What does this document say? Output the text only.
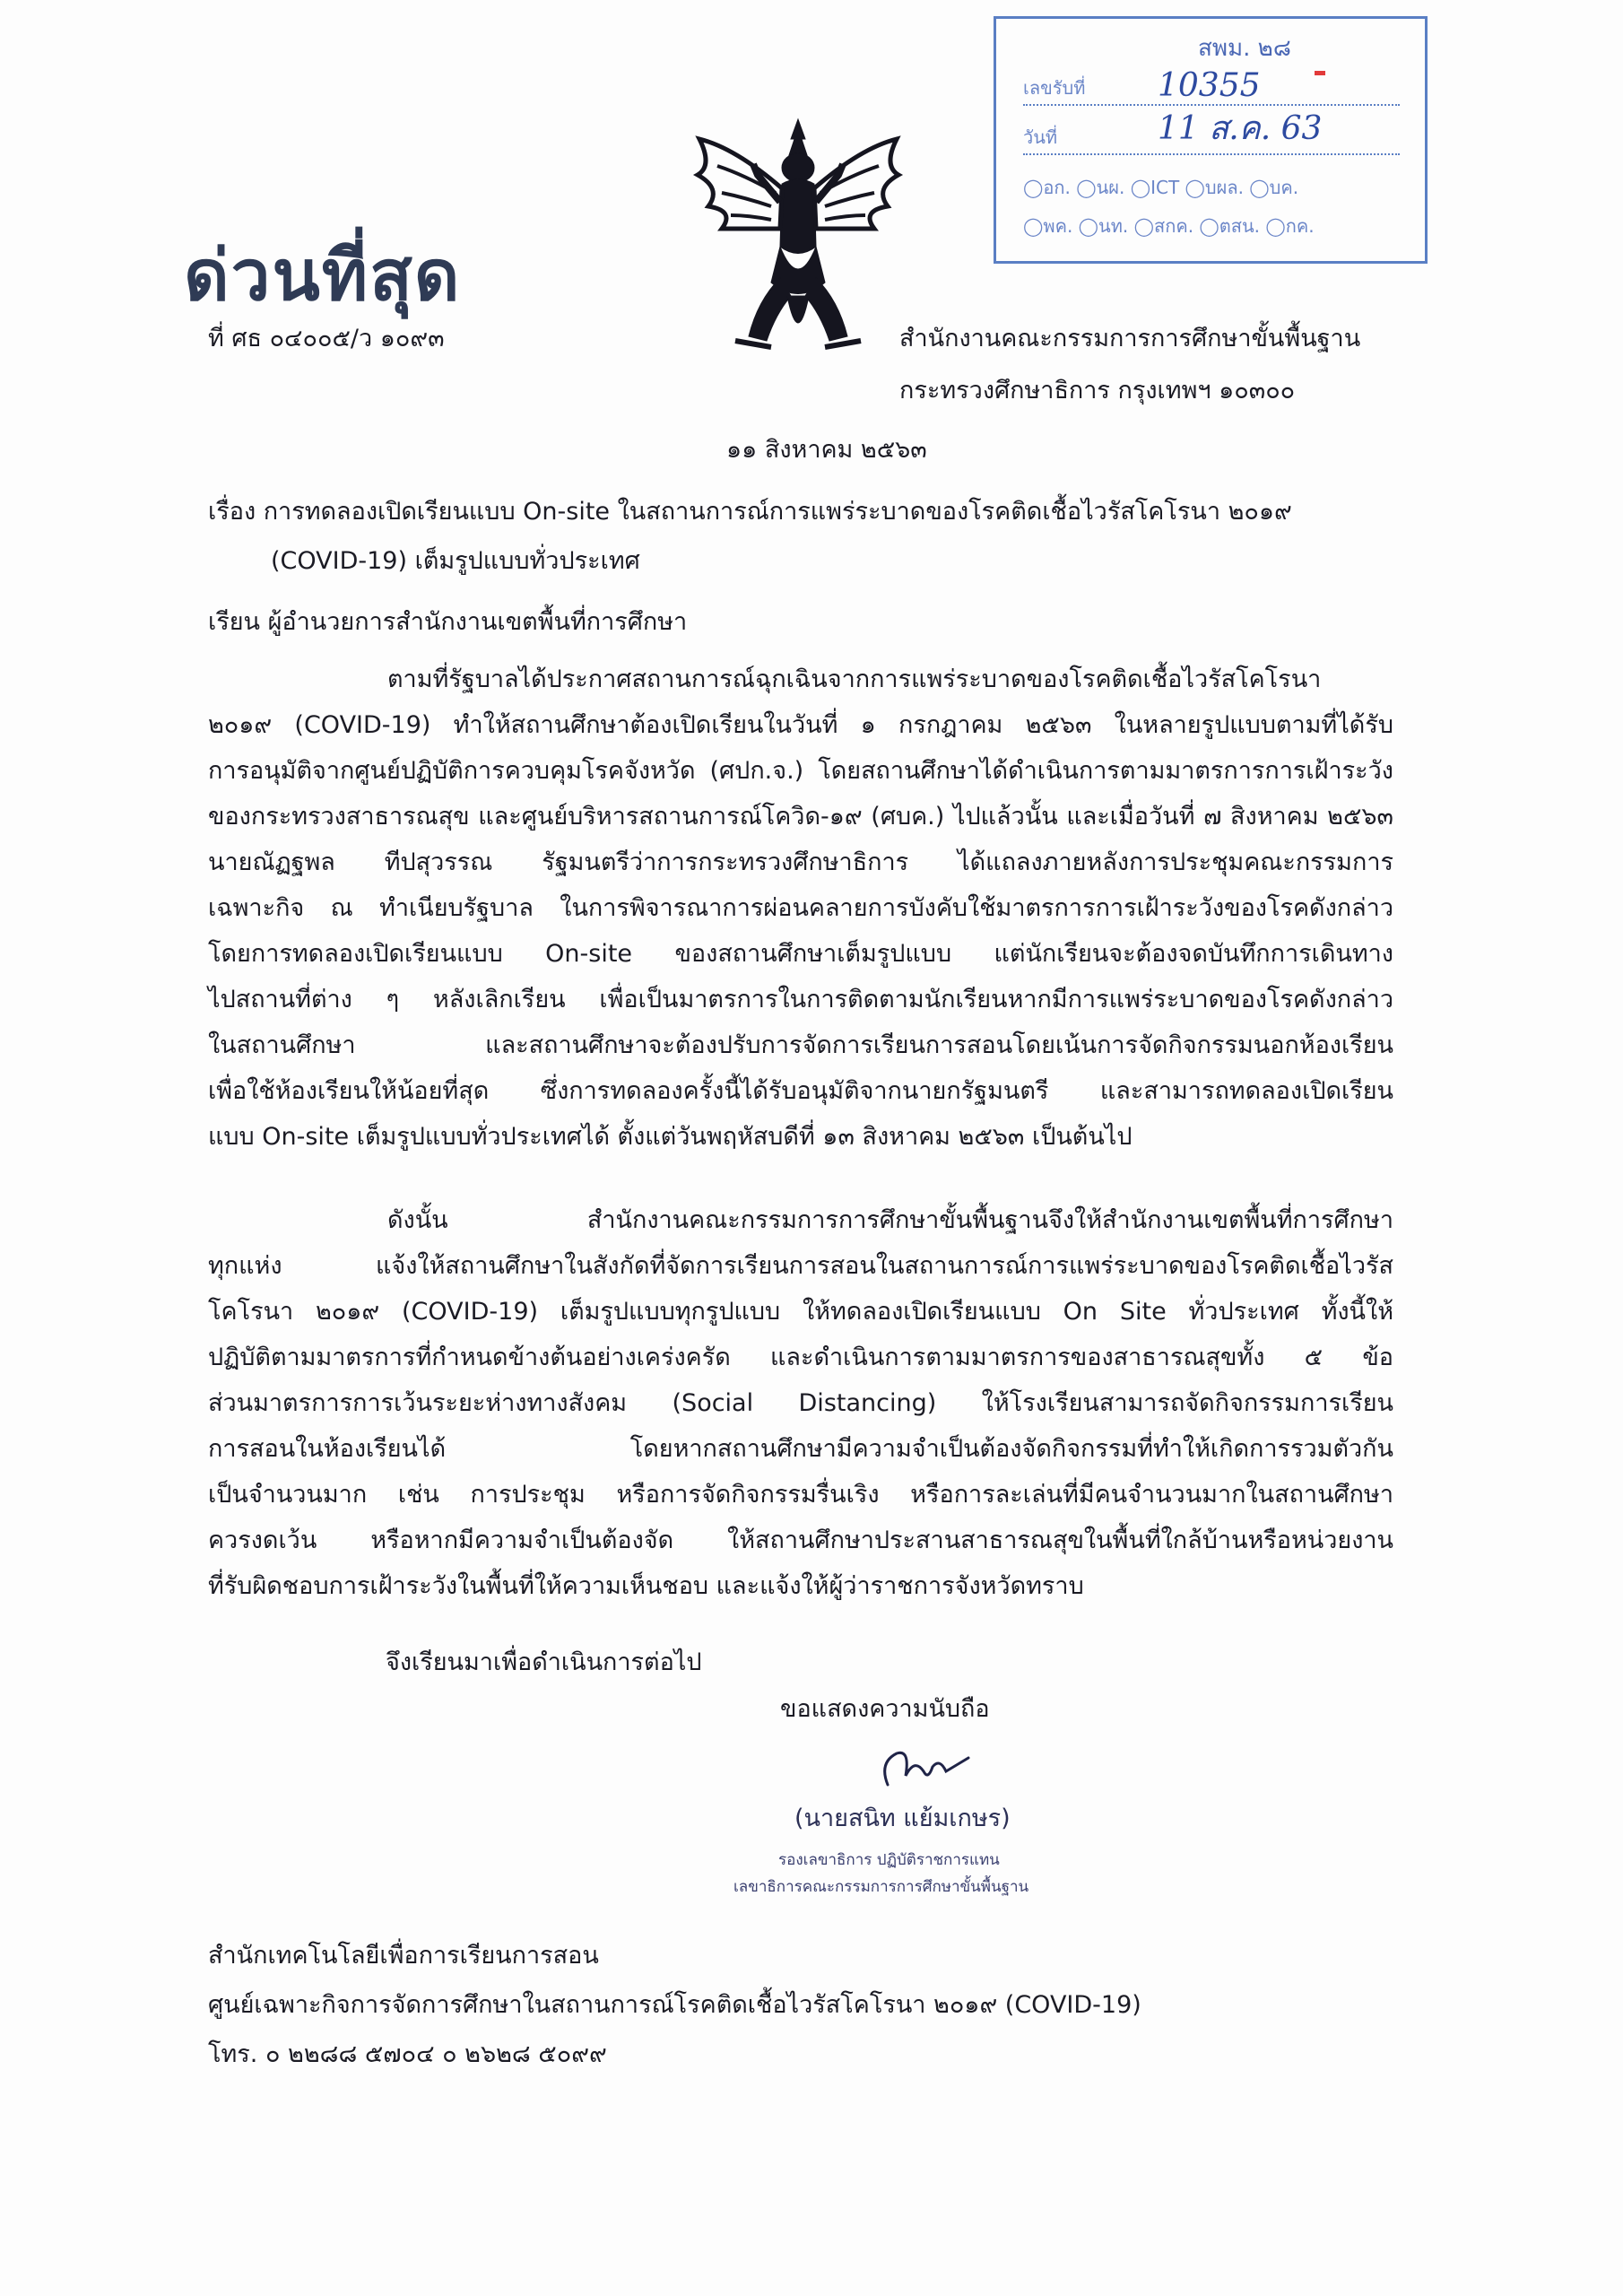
สพม. ๒๘
เลขรับที่ 10355
วันที่	11 ส.ค. 63
◯อก. ◯นผ. ◯ICT ◯บผล. ◯บค.
◯พค. ◯นท. ◯สกค. ◯ตสน. ◯กค.
ด่วนที่สุด
ที่ ศธ ๐๔๐๐๕/ว ๑๐๙๓	สำนักงานคณะกรรมการการศึกษาขั้นพื้นฐาน
กระทรวงศึกษาธิการ กรุงเทพฯ ๑๐๓๐๐
๑๑ สิงหาคม ๒๕๖๓
เรื่อง การทดลองเปิดเรียนแบบ On-site ในสถานการณ์การแพร่ระบาดของโรคติดเชื้อไวรัสโคโรนา ๒๐๑๙
(COVID-19) เต็มรูปแบบทั่วประเทศ
เรียน ผู้อำนวยการสำนักงานเขตพื้นที่การศึกษา
ตามที่รัฐบาลได้ประกาศสถานการณ์ฉุกเฉินจากการแพร่ระบาดของโรคติดเชื้อไวรัสโคโรนา
๒๐๑๙ (COVID-19) ทำให้สถานศึกษาต้องเปิดเรียนในวันที่ ๑ กรกฎาคม ๒๕๖๓ ในหลายรูปแบบตามที่ได้รับ
การอนุมัติจากศูนย์ปฏิบัติการควบคุมโรคจังหวัด (ศปก.จ.) โดยสถานศึกษาได้ดำเนินการตามมาตรการการเฝ้าระวัง
ของกระทรวงสาธารณสุข และศูนย์บริหารสถานการณ์โควิด-๑๙ (ศบค.) ไปแล้วนั้น และเมื่อวันที่ ๗ สิงหาคม ๒๕๖๓
นายณัฏฐพล ทีปสุวรรณ รัฐมนตรีว่าการกระทรวงศึกษาธิการ ได้แถลงภายหลังการประชุมคณะกรรมการ
เฉพาะกิจ ณ ทำเนียบรัฐบาล ในการพิจารณาการผ่อนคลายการบังคับใช้มาตรการการเฝ้าระวังของโรคดังกล่าว
โดยการทดลองเปิดเรียนแบบ On-site ของสถานศึกษาเต็มรูปแบบ แต่นักเรียนจะต้องจดบันทึกการเดินทาง
ไปสถานที่ต่าง ๆ หลังเลิกเรียน เพื่อเป็นมาตรการในการติดตามนักเรียนหากมีการแพร่ระบาดของโรคดังกล่าว
ในสถานศึกษา และสถานศึกษาจะต้องปรับการจัดการเรียนการสอนโดยเน้นการจัดกิจกรรมนอกห้องเรียน
เพื่อใช้ห้องเรียนให้น้อยที่สุด ซึ่งการทดลองครั้งนี้ได้รับอนุมัติจากนายกรัฐมนตรี และสามารถทดลองเปิดเรียน
แบบ On-site เต็มรูปแบบทั่วประเทศได้ ตั้งแต่วันพฤหัสบดีที่ ๑๓ สิงหาคม ๒๕๖๓ เป็นต้นไป
ดังนั้น สำนักงานคณะกรรมการการศึกษาขั้นพื้นฐานจึงให้สำนักงานเขตพื้นที่การศึกษา
ทุกแห่ง แจ้งให้สถานศึกษาในสังกัดที่จัดการเรียนการสอนในสถานการณ์การแพร่ระบาดของโรคติดเชื้อไวรัส
โคโรนา ๒๐๑๙ (COVID-19) เต็มรูปแบบทุกรูปแบบ ให้ทดลองเปิดเรียนแบบ On Site ทั่วประเทศ ทั้งนี้ให้
ปฏิบัติตามมาตรการที่กำหนดข้างต้นอย่างเคร่งครัด และดำเนินการตามมาตรการของสาธารณสุขทั้ง ๕ ข้อ
ส่วนมาตรการการเว้นระยะห่างทางสังคม (Social Distancing) ให้โรงเรียนสามารถจัดกิจกรรมการเรียน
การสอนในห้องเรียนได้ โดยหากสถานศึกษามีความจำเป็นต้องจัดกิจกรรมที่ทำให้เกิดการรวมตัวกัน
เป็นจำนวนมาก เช่น การประชุม หรือการจัดกิจกรรมรื่นเริง หรือการละเล่นที่มีคนจำนวนมากในสถานศึกษา
ควรงดเว้น หรือหากมีความจำเป็นต้องจัด ให้สถานศึกษาประสานสาธารณสุขในพื้นที่ใกล้บ้านหรือหน่วยงาน
ที่รับผิดชอบการเฝ้าระวังในพื้นที่ให้ความเห็นชอบ และแจ้งให้ผู้ว่าราชการจังหวัดทราบ
จึงเรียนมาเพื่อดำเนินการต่อไป
ขอแสดงความนับถือ
(นายสนิท แย้มเกษร)
รองเลขาธิการ ปฏิบัติราชการแทน
เลขาธิการคณะกรรมการการศึกษาขั้นพื้นฐาน
สำนักเทคโนโลยีเพื่อการเรียนการสอน
ศูนย์เฉพาะกิจการจัดการศึกษาในสถานการณ์โรคติดเชื้อไวรัสโคโรนา ๒๐๑๙ (COVID-19)
โทร. ๐ ๒๒๘๘ ๕๗๐๔ ๐ ๒๖๒๘ ๕๐๙๙
